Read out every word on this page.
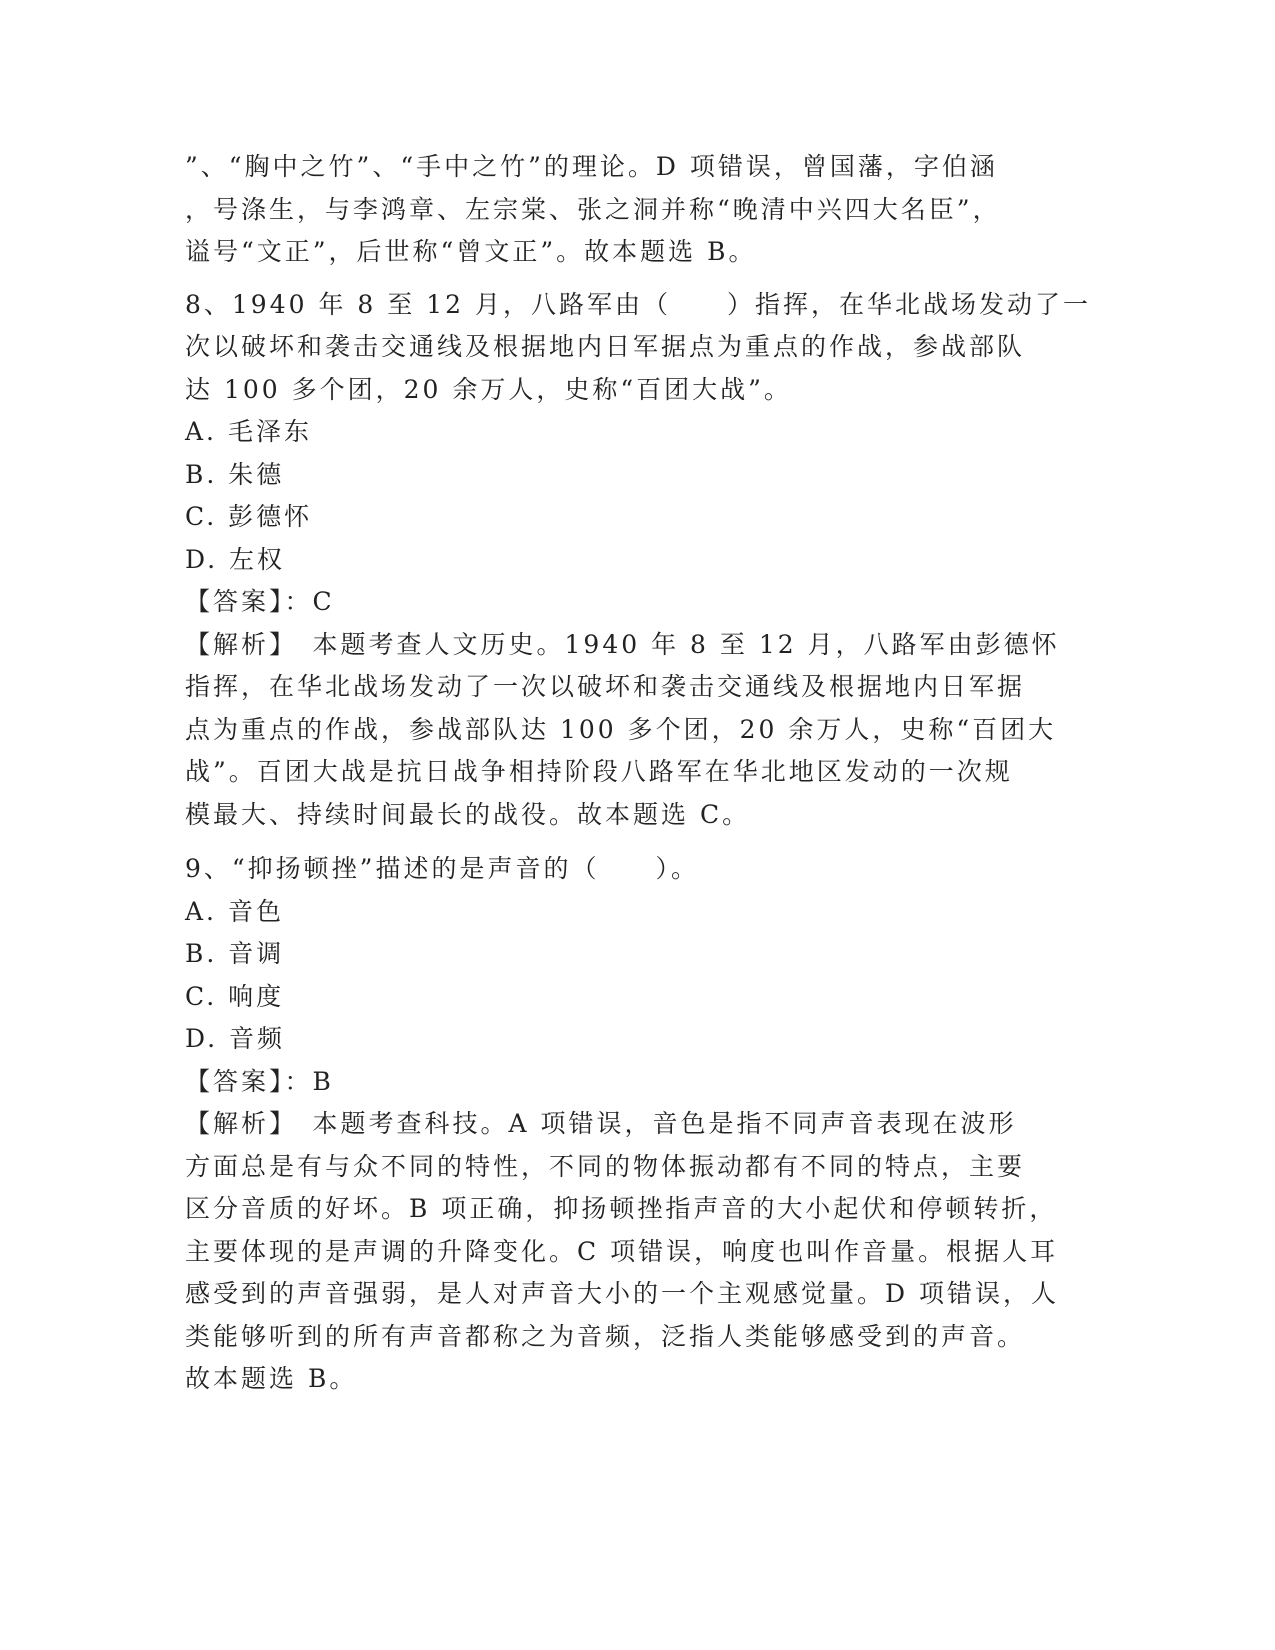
”、“胸中之竹”、“手中之竹”的理论。D 项错误，曾国藩，字伯涵
，号涤生，与李鸿章、左宗棠、张之洞并称“晚清中兴四大名臣”，
谥号“文正”，后世称“曾文正”。故本题选 B。
8、1940 年 8 至 12 月，八路军由（　　）指挥，在华北战场发动了一
次以破坏和袭击交通线及根据地内日军据点为重点的作战，参战部队
达 100 多个团，20 余万人，史称“百团大战”。
A. 毛泽东
B. 朱德
C. 彭德怀
D. 左权
【答案】：C
【解析】　本题考查人文历史。1940 年 8 至 12 月，八路军由彭德怀
指挥，在华北战场发动了一次以破坏和袭击交通线及根据地内日军据
点为重点的作战，参战部队达 100 多个团，20 余万人，史称“百团大
战”。百团大战是抗日战争相持阶段八路军在华北地区发动的一次规
模最大、持续时间最长的战役。故本题选 C。
9、“抑扬顿挫”描述的是声音的（　　）。
A. 音色
B. 音调
C. 响度
D. 音频
【答案】：B
【解析】　本题考查科技。A 项错误，音色是指不同声音表现在波形
方面总是有与众不同的特性，不同的物体振动都有不同的特点，主要
区分音质的好坏。B 项正确，抑扬顿挫指声音的大小起伏和停顿转折，
主要体现的是声调的升降变化。C 项错误，响度也叫作音量。根据人耳
感受到的声音强弱，是人对声音大小的一个主观感觉量。D 项错误，人
类能够听到的所有声音都称之为音频，泛指人类能够感受到的声音。
故本题选 B。
